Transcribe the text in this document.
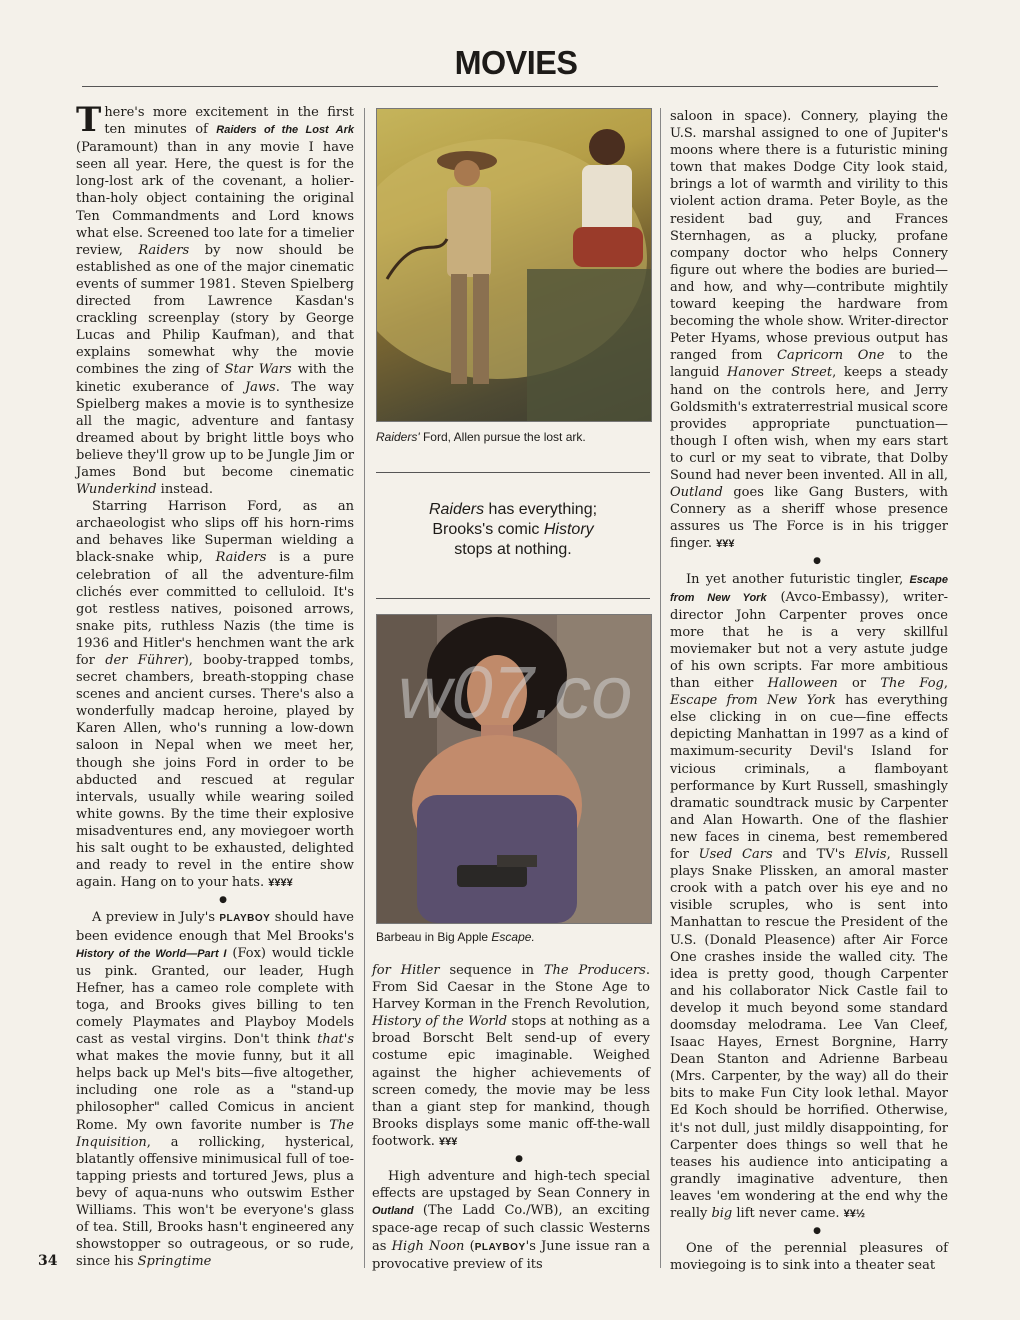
MOVIES

There's more excitement in the first ten minutes of Raiders of the Lost Ark (Paramount) than in any movie I have seen all year. Here, the quest is for the long-lost ark of the covenant, a holier-than-holy object containing the original Ten Commandments and Lord knows what else. Screened too late for a timelier review, Raiders by now should be established as one of the major cinematic events of summer 1981. Steven Spielberg directed from Lawrence Kasdan's crackling screenplay (story by George Lucas and Philip Kaufman), and that explains somewhat why the movie combines the zing of Star Wars with the kinetic exuberance of Jaws. The way Spielberg makes a movie is to synthesize all the magic, adventure and fantasy dreamed about by bright little boys who believe they'll grow up to be Jungle Jim or James Bond but become cinematic Wunderkind instead.

Starring Harrison Ford, as an archaeologist who slips off his horn-rims and behaves like Superman wielding a black-snake whip, Raiders is a pure celebration of all the adventure-film clichés ever committed to celluloid. It's got restless natives, poisoned arrows, snake pits, ruthless Nazis (the time is 1936 and Hitler's henchmen want the ark for der Führer), booby-trapped tombs, secret chambers, breath-stopping chase scenes and ancient curses. There's also a wonderfully madcap heroine, played by Karen Allen, who's running a low-down saloon in Nepal when we meet her, though she joins Ford in order to be abducted and rescued at regular intervals, usually while wearing soiled white gowns. By the time their explosive misadventures end, any moviegoer worth his salt ought to be exhausted, delighted and ready to revel in the entire show again. Hang on to your hats. ¥¥¥¥

●

A preview in July's PLAYBOY should have been evidence enough that Mel Brooks's History of the World—Part I (Fox) would tickle us pink. Granted, our leader, Hugh Hefner, has a cameo role complete with toga, and Brooks gives billing to ten comely Playmates and Playboy Models cast as vestal virgins. Don't think that's what makes the movie funny, but it all helps back up Mel's bits—five altogether, including one role as a "stand-up philosopher" called Comicus in ancient Rome. My own favorite number is The Inquisition, a rollicking, hysterical, blatantly offensive minimusical full of toe-tapping priests and tortured Jews, plus a bevy of aqua-nuns who outswim Esther Williams. This won't be everyone's glass of tea. Still, Brooks hasn't engineered any showstopper so outrageous, or so rude, since his Springtime

Raiders' Ford, Allen pursue the lost ark.
Raiders has everything;
Brooks's comic History
stops at nothing.
Barbeau in Big Apple Escape.

for Hitler sequence in The Producers. From Sid Caesar in the Stone Age to Harvey Korman in the French Revolution, History of the World stops at nothing as a broad Borscht Belt send-up of every costume epic imaginable. Weighed against the higher achievements of screen comedy, the movie may be less than a giant step for mankind, though Brooks displays some manic off-the-wall footwork. ¥¥¥

●

High adventure and high-tech special effects are upstaged by Sean Connery in Outland (The Ladd Co./WB), an exciting space-age recap of such classic Westerns as High Noon (PLAYBOY's June issue ran a provocative preview of its

saloon in space). Connery, playing the U.S. marshal assigned to one of Jupiter's moons where there is a futuristic mining town that makes Dodge City look staid, brings a lot of warmth and virility to this violent action drama. Peter Boyle, as the resident bad guy, and Frances Sternhagen, as a plucky, profane company doctor who helps Connery figure out where the bodies are buried—and how, and why—contribute mightily toward keeping the hardware from becoming the whole show. Writer-director Peter Hyams, whose previous output has ranged from Capricorn One to the languid Hanover Street, keeps a steady hand on the controls here, and Jerry Goldsmith's extraterrestrial musical score provides appropriate punctuation—though I often wish, when my ears start to curl or my seat to vibrate, that Dolby Sound had never been invented. All in all, Outland goes like Gang Busters, with Connery as a sheriff whose presence assures us The Force is in his trigger finger. ¥¥¥

●

In yet another futuristic tingler, Escape from New York (Avco-Embassy), writer-director John Carpenter proves once more that he is a very skillful moviemaker but not a very astute judge of his own scripts. Far more ambitious than either Halloween or The Fog, Escape from New York has everything else clicking in on cue—fine effects depicting Manhattan in 1997 as a kind of maximum-security Devil's Island for vicious criminals, a flamboyant performance by Kurt Russell, smashingly dramatic soundtrack music by Carpenter and Alan Howarth. One of the flashier new faces in cinema, best remembered for Used Cars and TV's Elvis, Russell plays Snake Plissken, an amoral master crook with a patch over his eye and no visible scruples, who is sent into Manhattan to rescue the President of the U.S. (Donald Pleasence) after Air Force One crashes inside the walled city. The idea is pretty good, though Carpenter and his collaborator Nick Castle fail to develop it much beyond some standard doomsday melodrama. Lee Van Cleef, Isaac Hayes, Ernest Borgnine, Harry Dean Stanton and Adrienne Barbeau (Mrs. Carpenter, by the way) all do their bits to make Fun City look lethal. Mayor Ed Koch should be horrified. Otherwise, it's not dull, just mildly disappointing, for Carpenter does things so well that he teases his audience into anticipating a grandly imaginative adventure, then leaves 'em wondering at the end why the really big lift never came. ¥¥½

●

One of the perennial pleasures of moviegoing is to sink into a theater seat

w07.co
34
